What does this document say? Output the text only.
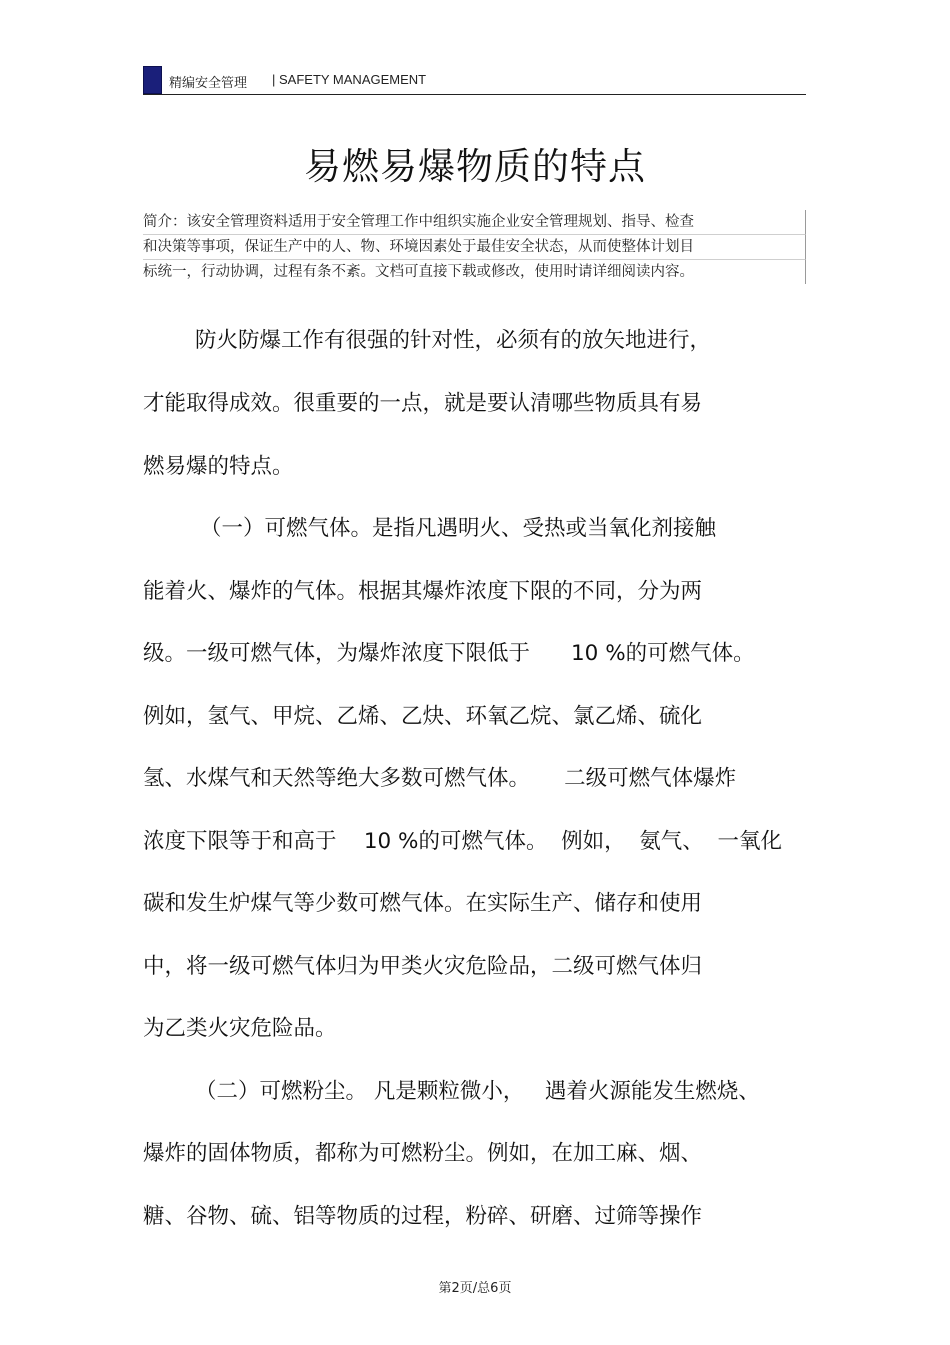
精编安全管理 | SAFETY MANAGEMENT
易燃易爆物质的特点
简介：该安全管理资料适用于安全管理工作中组织实施企业安全管理规划、指导、检查
和决策等事项，保证生产中的人、物、环境因素处于最佳安全状态，从而使整体计划目
标统一，行动协调，过程有条不紊。文档可直接下载或修改，使用时请详细阅读内容。
防火防爆工作有很强的针对性，必须有的放矢地进行，
才能取得成效。很重要的一点，就是要认清哪些物质具有易
燃易爆的特点。
（一）可燃气体。是指凡遇明火、受热或当氧化剂接触
能着火、爆炸的气体。根据其爆炸浓度下限的不同，分为两
级。一级可燃气体，为爆炸浓度下限低于      10 %的可燃气体。
例如，氢气、甲烷、乙烯、乙炔、环氧乙烷、氯乙烯、硫化
氢、水煤气和天然等绝大多数可燃气体。     二级可燃气体爆炸
浓度下限等于和高于    10 %的可燃气体。  例如，  氨气、  一氧化
碳和发生炉煤气等少数可燃气体。在实际生产、储存和使用
中，将一级可燃气体归为甲类火灾危险品，二级可燃气体归
为乙类火灾危险品。
（二）可燃粉尘。 凡是颗粒微小，   遇着火源能发生燃烧、
爆炸的固体物质，都称为可燃粉尘。例如，在加工麻、烟、
糖、谷物、硫、铝等物质的过程，粉碎、研磨、过筛等操作
第2页/总6页
